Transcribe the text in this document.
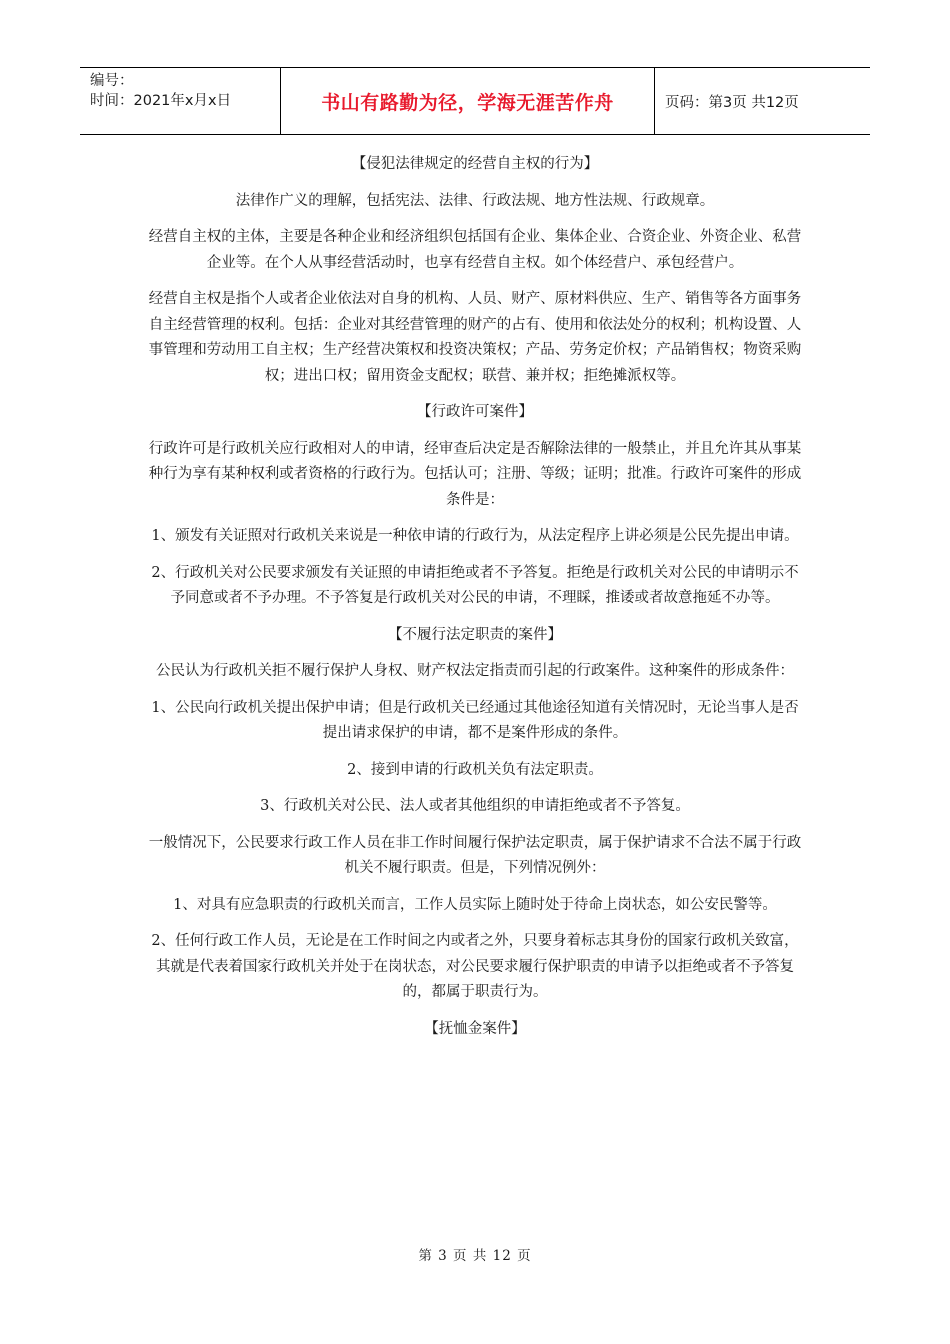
编号：
时间：2021年x月x日	书山有路勤为径，学海无涯苦作舟	页码：第3页 共12页

【侵犯法律规定的经营自主权的行为】

法律作广义的理解，包括宪法、法律、行政法规、地方性法规、行政规章。

经营自主权的主体，主要是各种企业和经济组织包括国有企业、集体企业、合资企业、外资企业、私营企业等。在个人从事经营活动时，也享有经营自主权。如个体经营户、承包经营户。

经营自主权是指个人或者企业依法对自身的机构、人员、财产、原材料供应、生产、销售等各方面事务自主经营管理的权利。包括：企业对其经营管理的财产的占有、使用和依法处分的权利；机构设置、人事管理和劳动用工自主权；生产经营决策权和投资决策权；产品、劳务定价权；产品销售权；物资采购权；进出口权；留用资金支配权；联营、兼并权；拒绝摊派权等。

【行政许可案件】

行政许可是行政机关应行政相对人的申请，经审查后决定是否解除法律的一般禁止，并且允许其从事某种行为享有某种权利或者资格的行政行为。包括认可；注册、等级；证明；批准。行政许可案件的形成条件是：

1、颁发有关证照对行政机关来说是一种依申请的行政行为，从法定程序上讲必须是公民先提出申请。

2、行政机关对公民要求颁发有关证照的申请拒绝或者不予答复。拒绝是行政机关对公民的申请明示不予同意或者不予办理。不予答复是行政机关对公民的申请，不理睬，推诿或者故意拖延不办等。

【不履行法定职责的案件】

公民认为行政机关拒不履行保护人身权、财产权法定指责而引起的行政案件。这种案件的形成条件：

1、公民向行政机关提出保护申请；但是行政机关已经通过其他途径知道有关情况时，无论当事人是否提出请求保护的申请，都不是案件形成的条件。

2、接到申请的行政机关负有法定职责。

3、行政机关对公民、法人或者其他组织的申请拒绝或者不予答复。

一般情况下，公民要求行政工作人员在非工作时间履行保护法定职责，属于保护请求不合法不属于行政机关不履行职责。但是，下列情况例外：

1、对具有应急职责的行政机关而言，工作人员实际上随时处于待命上岗状态，如公安民警等。

2、任何行政工作人员，无论是在工作时间之内或者之外，只要身着标志其身份的国家行政机关致富，其就是代表着国家行政机关并处于在岗状态，对公民要求履行保护职责的申请予以拒绝或者不予答复的，都属于职责行为。

【抚恤金案件】

第 3 页 共 12 页
